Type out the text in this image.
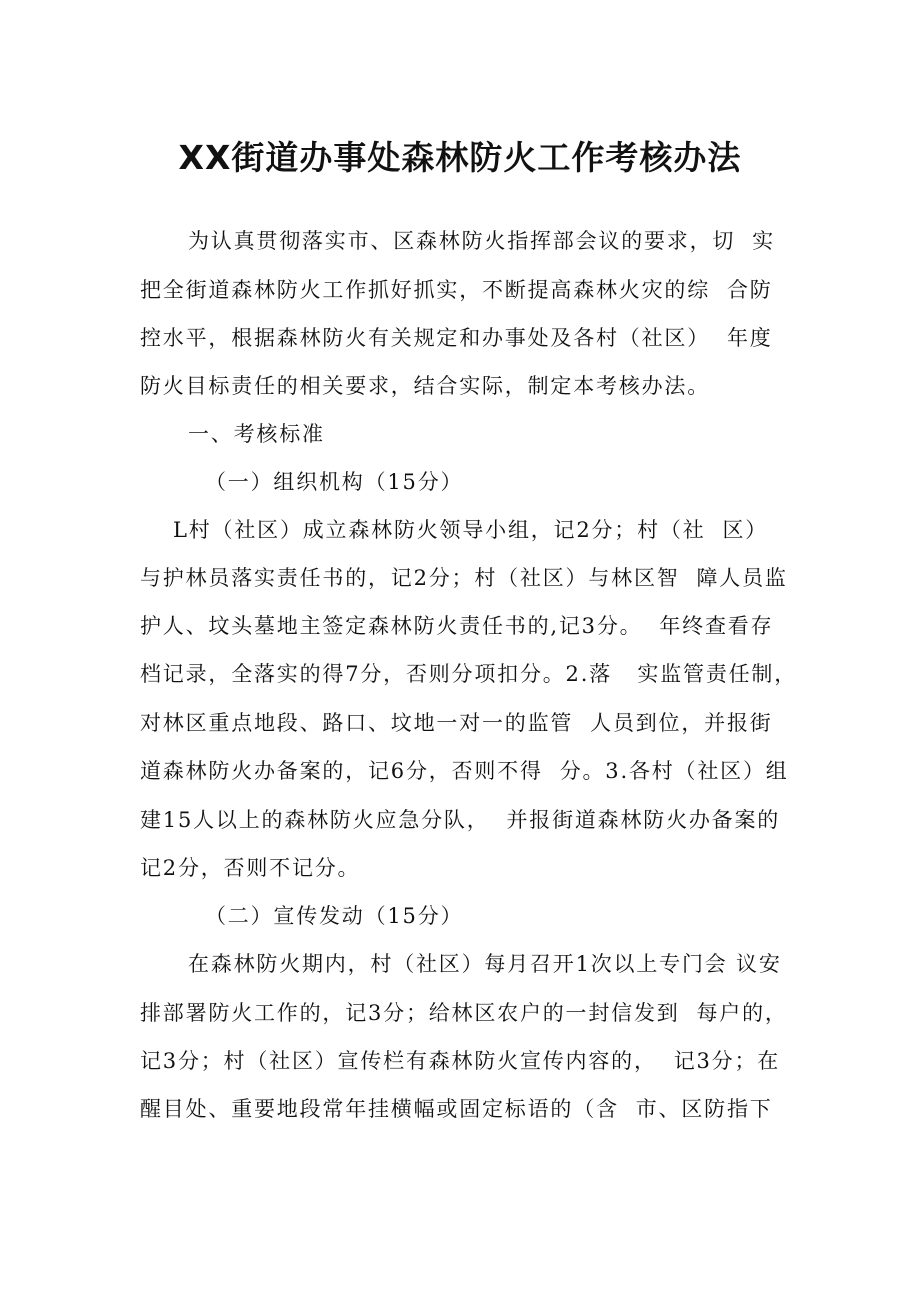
XX街道办事处森林防火工作考核办法
为认真贯彻落实市、区森林防火指挥部会议的要求，切  实
把全街道森林防火工作抓好抓实，不断提高森林火灾的综  合防
控水平，根据森林防火有关规定和办事处及各村（社区）  年度
防火目标责任的相关要求，结合实际，制定本考核办法。
一、考核标准
（一）组织机构（15分）
L村（社区）成立森林防火领导小组，记2分；村（社  区）
与护林员落实责任书的，记2分；村（社区）与林区智  障人员监
护人、坟头墓地主签定森林防火责任书的,记3分。  年终查看存
档记录，全落实的得7分，否则分项扣分。2.落   实监管责任制，
对林区重点地段、路口、坟地一对一的监管  人员到位，并报街
道森林防火办备案的，记6分，否则不得  分。3.各村（社区）组
建15人以上的森林防火应急分队，  并报街道森林防火办备案的
记2分，否则不记分。
（二）宣传发动（15分）
在森林防火期内，村（社区）每月召开1次以上专门会 议安
排部署防火工作的，记3分；给林区农户的一封信发到  每户的，
记3分；村（社区）宣传栏有森林防火宣传内容的，  记3分；在
醒目处、重要地段常年挂横幅或固定标语的（含  市、区防指下
